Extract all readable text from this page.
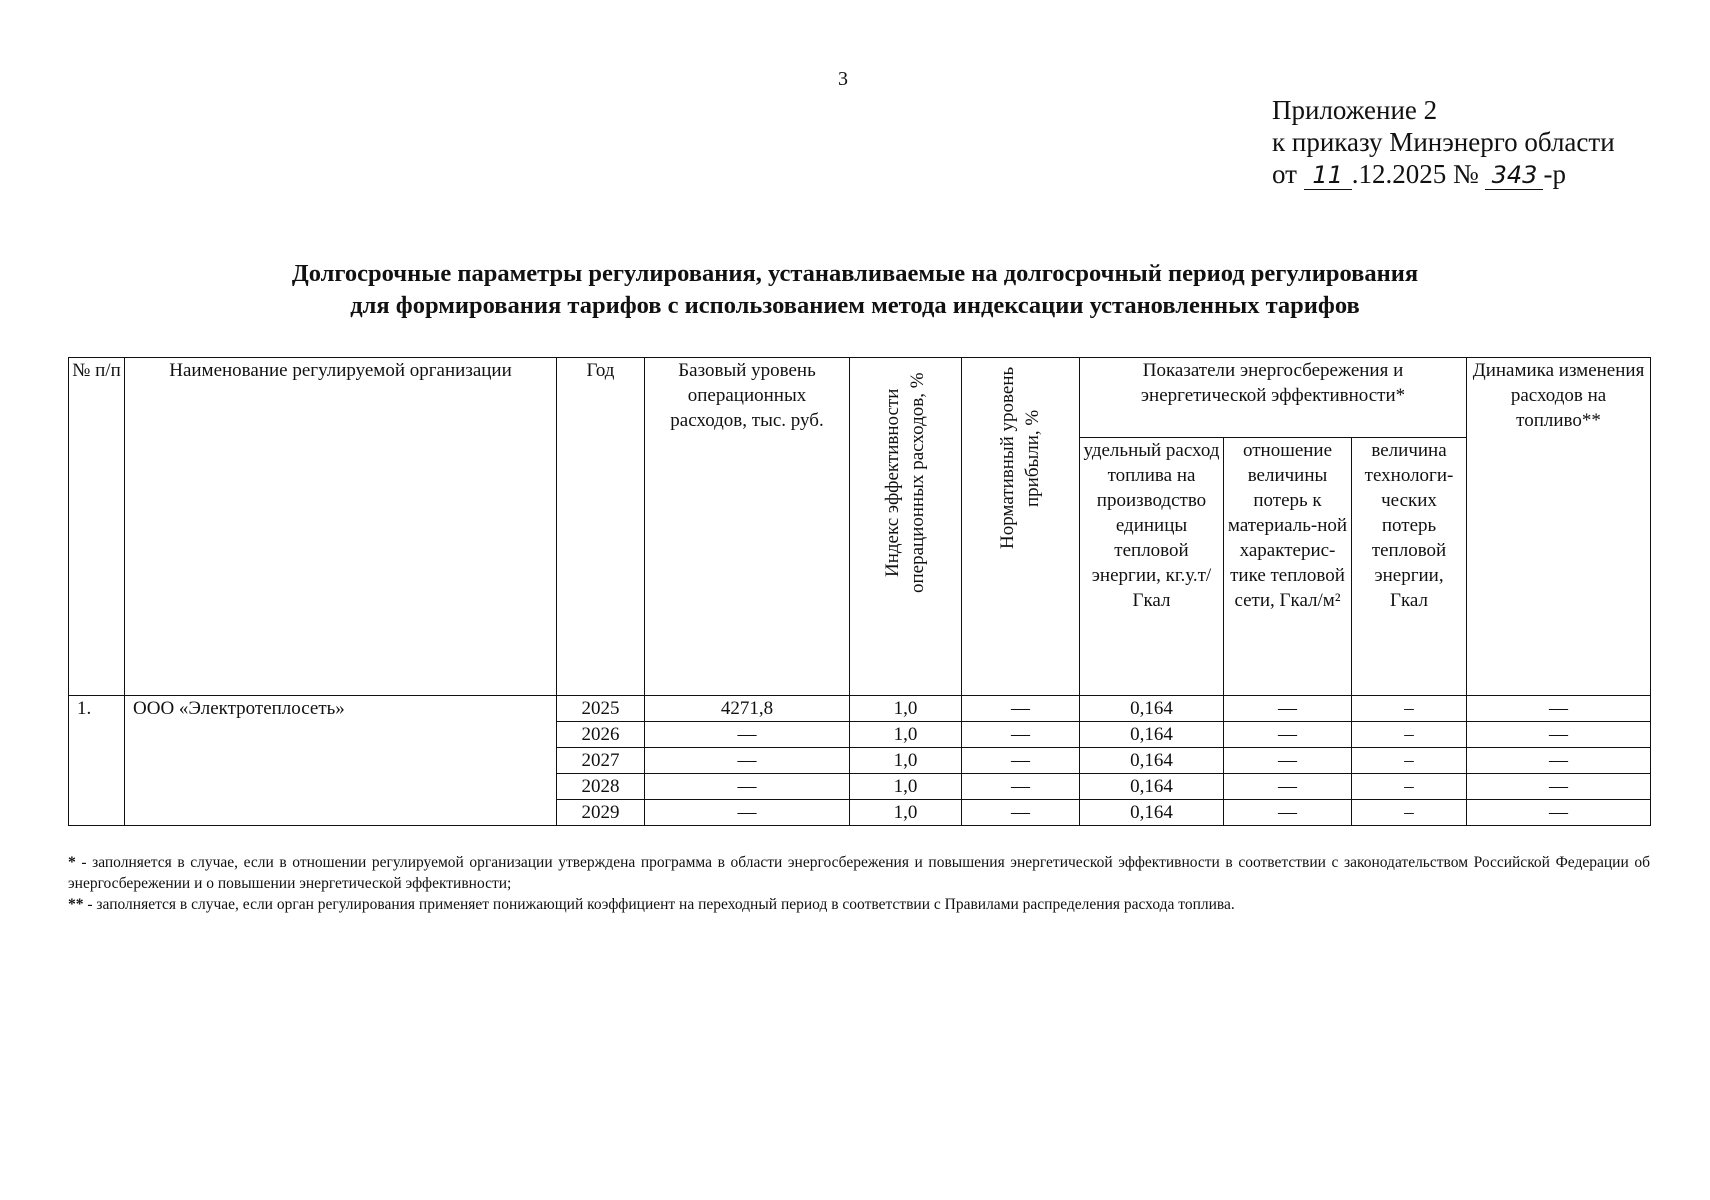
3
Приложение 2
к приказу Минэнерго области
от 11 .12.2025 № 343 -р
Долгосрочные параметры регулирования, устанавливаемые на долгосрочный период регулирования
для формирования тарифов с использованием метода индексации установленных тарифов
№ п/п	Наименование регулируемой организации	Год	Базовый уровень операционных расходов, тыс. руб.	Индекс эффективности операционных расходов, %	Нормативный уровень прибыли, %	Показатели энергосбережения и энергетической эффективности*			Динамика изменения расходов на топливо**
						удельный расход топлива на производство единицы тепловой энергии, кг.у.т/Гкал	отношение величины потерь к материаль-ной характерис-тике тепловой сети, Гкал/м²	величина технологи-ческих потерь тепловой энергии, Гкал	
1.	ООО «Электротеплосеть»	2025	4271,8	1,0	—	0,164	—	–	—
		2026	—	1,0	—	0,164	—	–	—
		2027	—	1,0	—	0,164	—	–	—
		2028	—	1,0	—	0,164	—	–	—
		2029	—	1,0	—	0,164	—	–	—

* - заполняется в случае, если в отношении регулируемой организации утверждена программа в области энергосбережения и повышения энергетической эффективности в соответствии с законодательством Российской Федерации об энергосбережении и о повышении энергетической эффективности;

** - заполняется в случае, если орган регулирования применяет понижающий коэффициент на переходный период в соответствии с Правилами распределения расхода топлива.
